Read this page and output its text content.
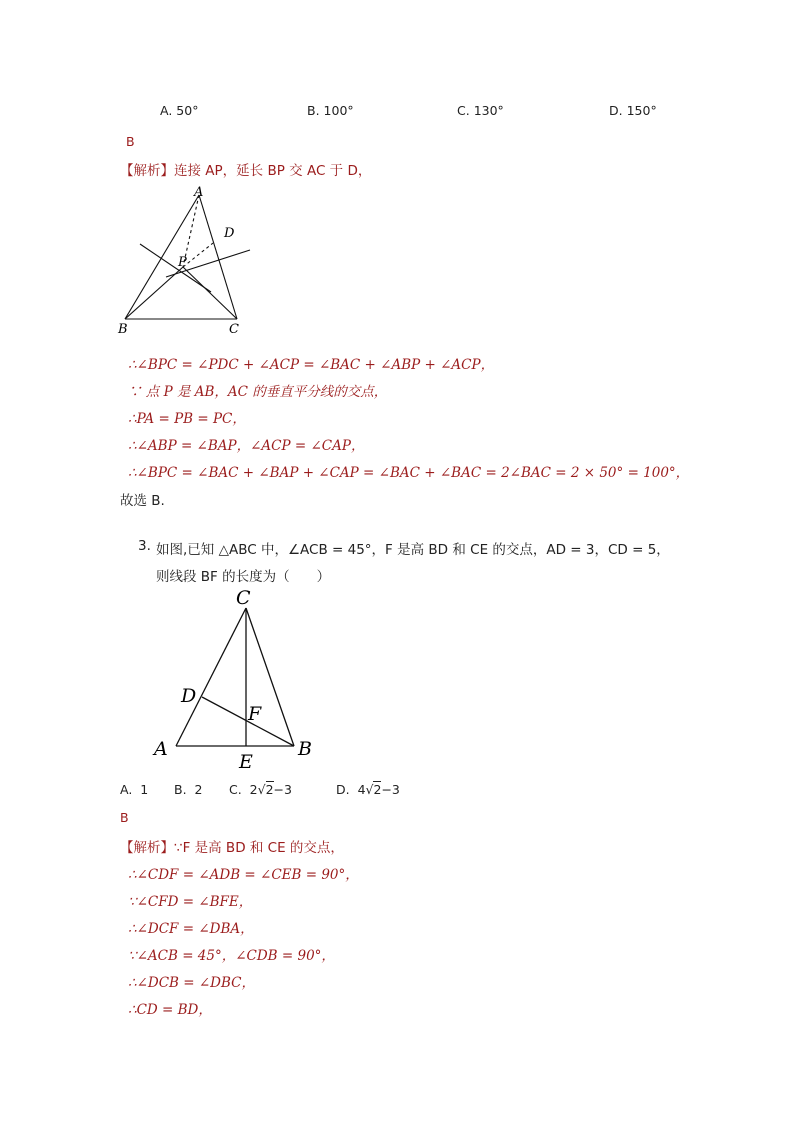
A. 50°	B. 100°	C. 130°	D. 150°
B
【解析】连接 AP，延长 BP 交 AC 于 D，
A
B	C
D
P
∴∠BPC = ∠PDC + ∠ACP = ∠BAC + ∠ABP + ∠ACP，
∵ 点 P 是 AB，AC 的垂直平分线的交点，
∴PA = PB = PC，
∴∠ABP = ∠BAP，∠ACP = ∠CAP，
∴∠BPC = ∠BAC + ∠BAP + ∠CAP = ∠BAC + ∠BAC = 2∠BAC = 2 × 50° = 100°，
故选 B.
3. 如图,已知 △ABC 中，∠ACB = 45°，F 是高 BD 和 CE 的交点，AD = 3，CD = 5，
则线段 BF 的长度为（　　）
C
D
F
A	B
E
A. 1 B. 2 C. 2√2−3	D. 4√2−3
B
【解析】∵F 是高 BD 和 CE 的交点，
∴∠CDF = ∠ADB = ∠CEB = 90°，
∵∠CFD = ∠BFE，
∴∠DCF = ∠DBA，
∵∠ACB = 45°，∠CDB = 90°，
∴∠DCB = ∠DBC，
∴CD = BD，
